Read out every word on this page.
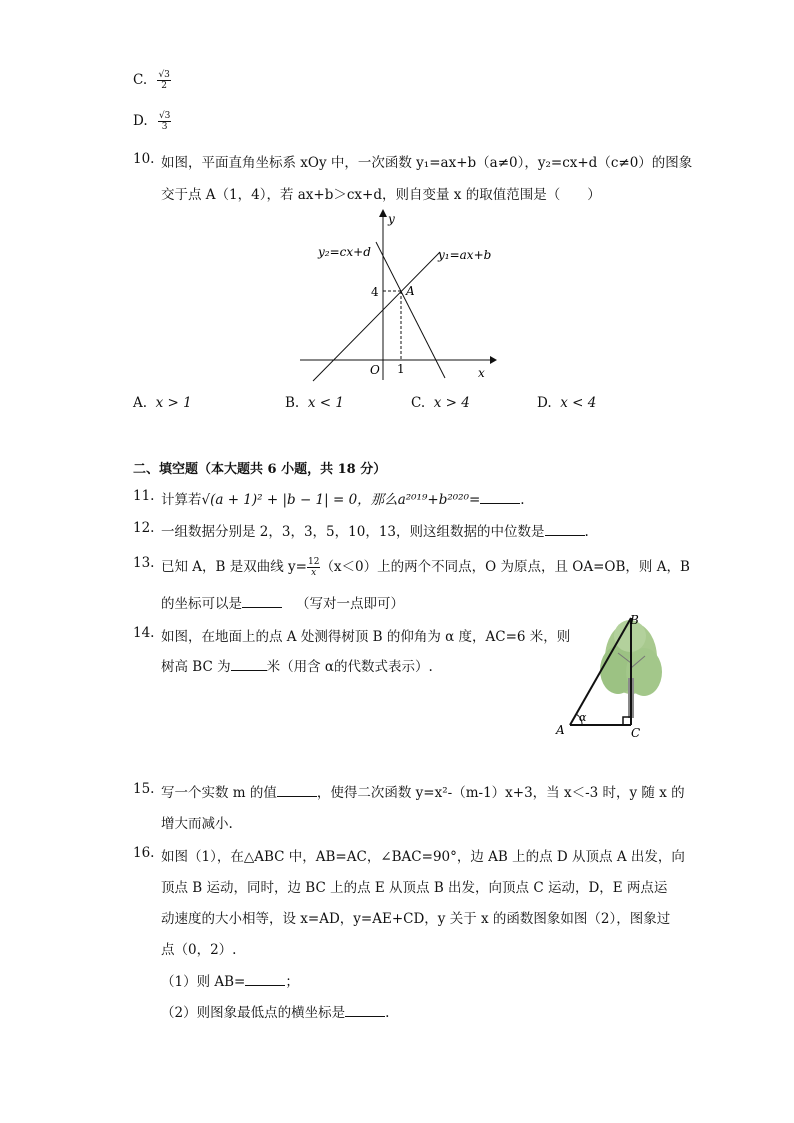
C. $\frac{√3}{2}$
D. $\frac{√3}{3}$
10. 如图，平面直角坐标系 xOy 中，一次函数 y₁=ax+b（a≠0），y₂=cx+d（c≠0）的图象
交于点 A（1，4），若 ax+b＞cx+d，则自变量 x 的取值范围是（　　）
y
x
O 1
4 A
y₁=ax+b
y₂=cx+d
A. x > 1	B. x < 1	C. x > 4	D. x < 4
二、填空题（本大题共 6 小题，共 18 分）
11. 计算若√(a + 1)² + |b − 1| = 0，那么a²⁰¹⁹+b²⁰²⁰=	.
12. 一组数据分别是 2，3，3，5，10，13，则这组数据的中位数是	.
13. 已知 A，B 是双曲线 $y= \frac{12}{x} (x<0)$上的两个不同点，O 为原点，且 OA=OB，则 A，B
的坐标可以是	（写对一点即可）
14. 如图，在地面上的点 A 处测得树顶 B 的仰角为 α 度，AC=6 米，则
树高 BC 为	米（用含 α的代数式表示）.
B
A	C
α
15. 写一个实数 m 的值	，使得二次函数 y=x²-（m-1）x+3，当 x＜-3 时，y 随 x 的
增大而减小.
16. 如图（1），在△ABC 中，AB=AC，∠BAC=90°，边 AB 上的点 D 从顶点 A 出发，向
顶点 B 运动，同时，边 BC 上的点 E 从顶点 B 出发，向顶点 C 运动，D，E 两点运
动速度的大小相等，设 x=AD，y=AE+CD，y 关于 x 的函数图象如图（2），图象过
点（0，2）.
（1）则 AB=	；
（2）则图象最低点的横坐标是	.
